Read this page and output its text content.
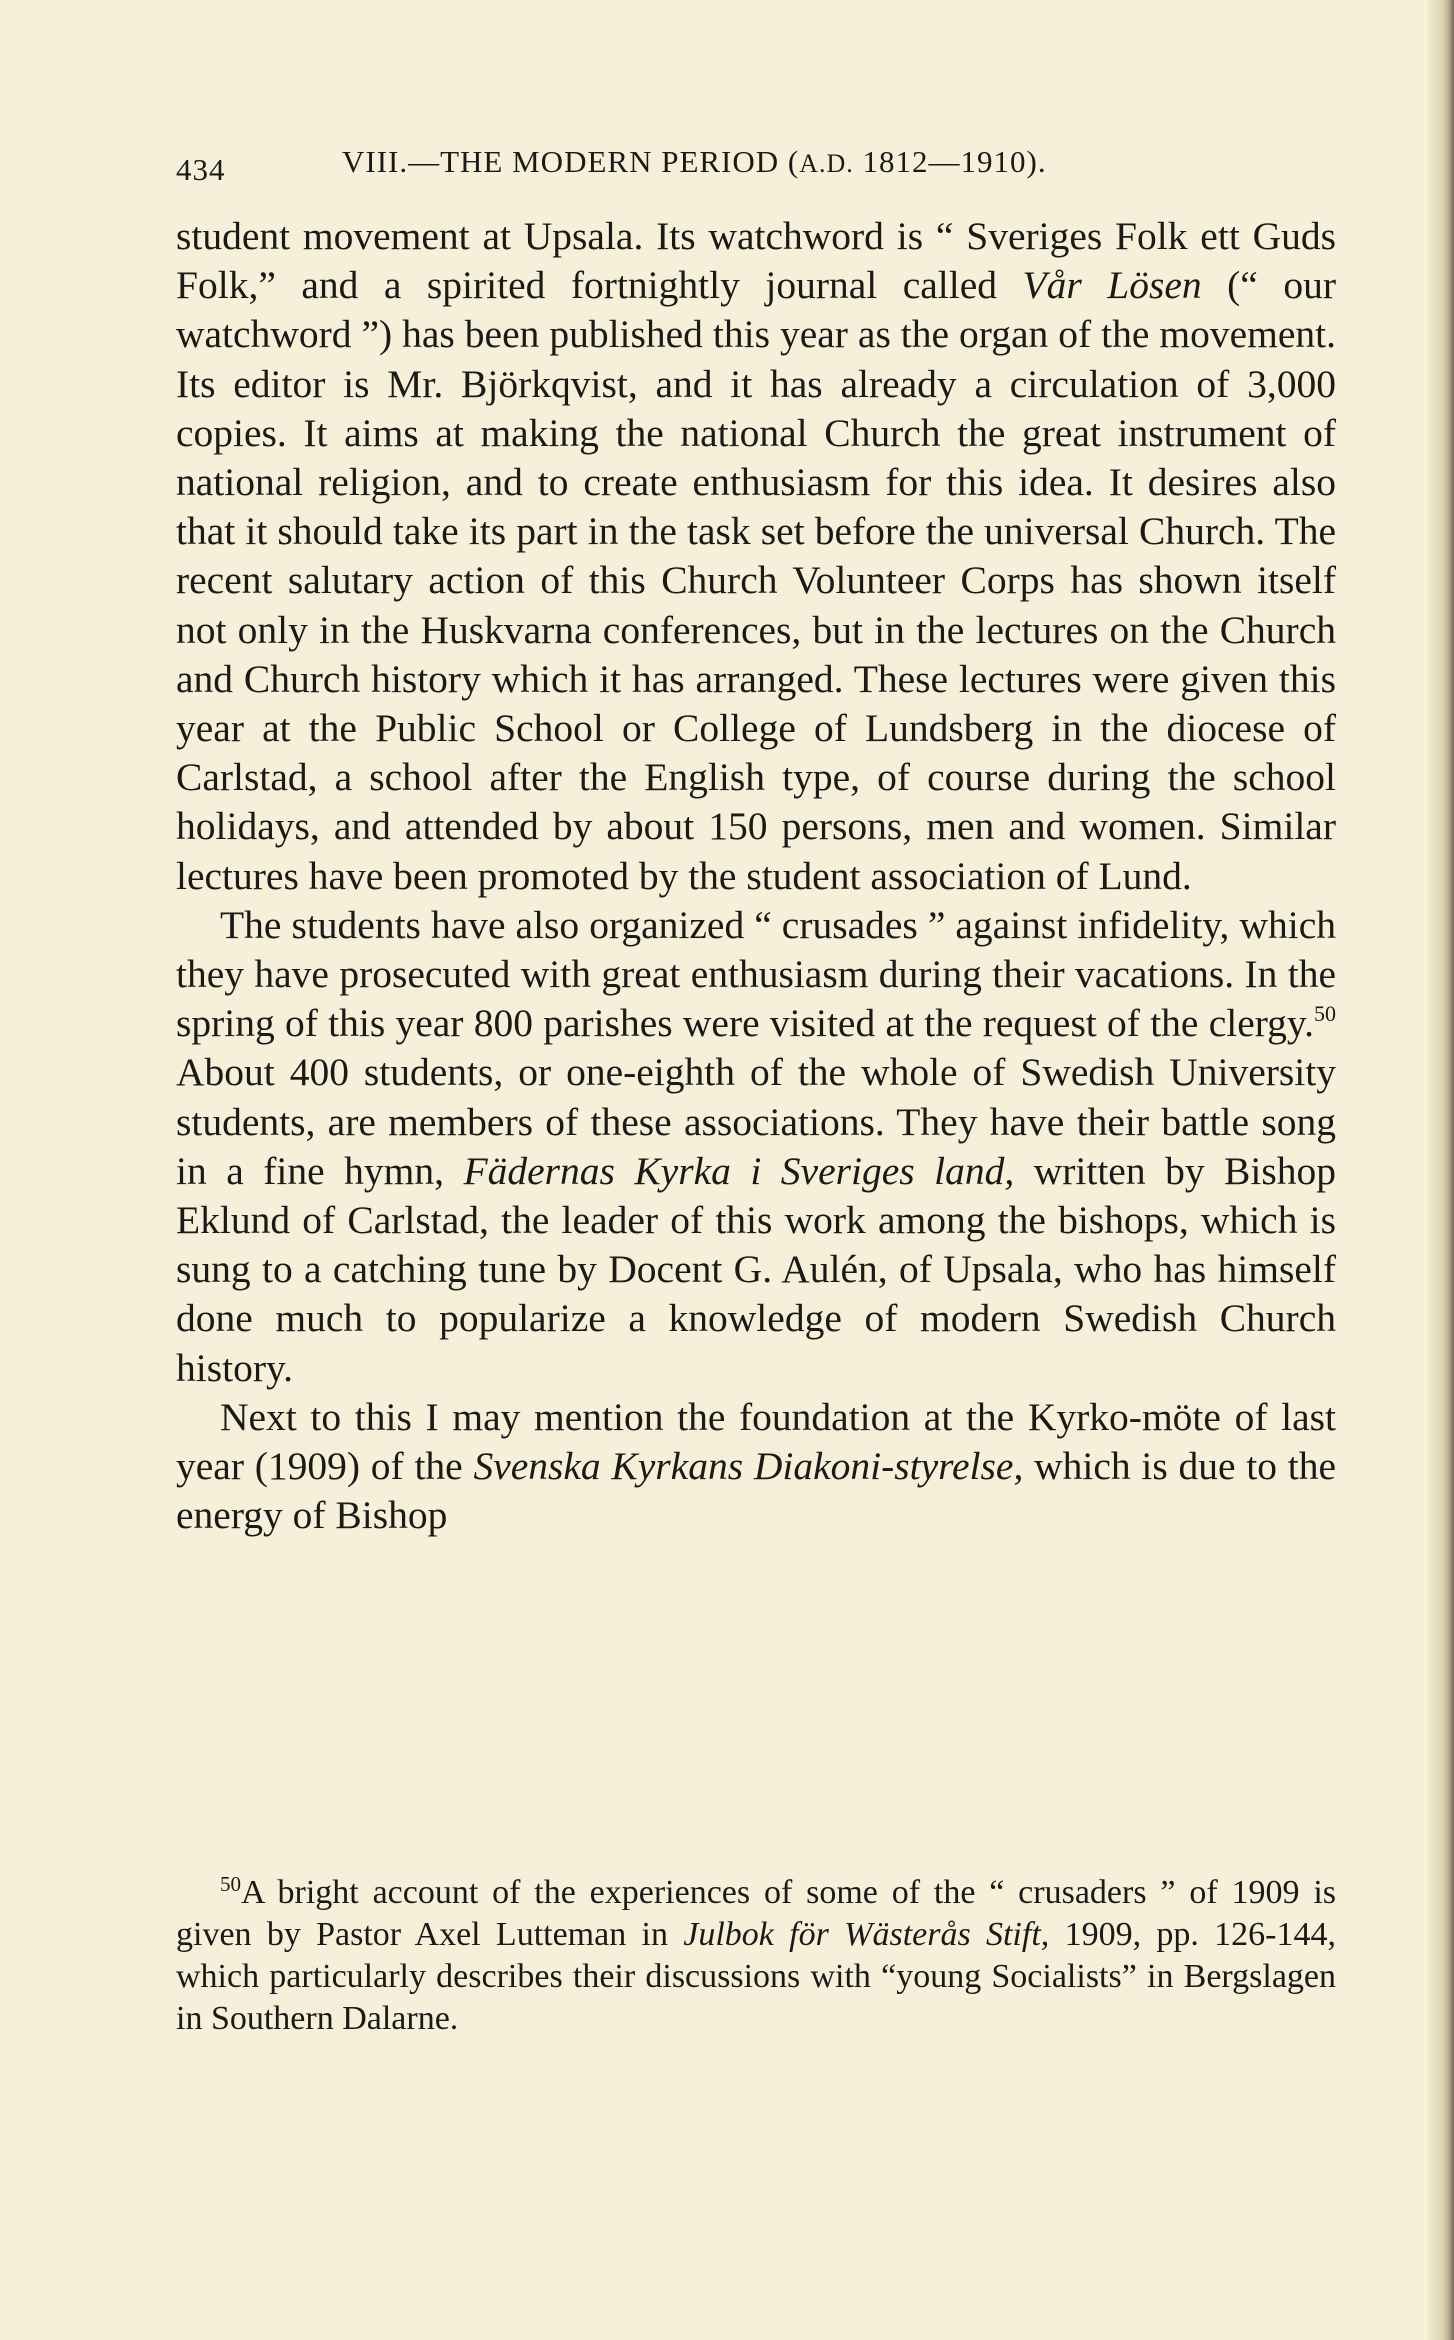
434	VIII.—THE MODERN PERIOD (A.D. 1812—1910).

student movement at Upsala. Its watchword is “ Sveriges Folk ett Guds Folk,” and a spirited fortnightly journal called Vår Lösen (“ our watchword ”) has been published this year as the organ of the movement. Its editor is Mr. Björkqvist, and it has already a circulation of 3,000 copies. It aims at making the national Church the great instrument of national religion, and to create enthusiasm for this idea. It desires also that it should take its part in the task set before the universal Church. The recent salutary action of this Church Volunteer Corps has shown itself not only in the Huskvarna conferences, but in the lectures on the Church and Church history which it has arranged. These lectures were given this year at the Public School or College of Lundsberg in the diocese of Carlstad, a school after the English type, of course during the school holidays, and attended by about 150 persons, men and women. Similar lectures have been promoted by the student association of Lund.

The students have also organized “ crusades ” against infidelity, which they have prosecuted with great enthusiasm during their vacations. In the spring of this year 800 parishes were visited at the request of the clergy.$^{50}$ About 400 students, or one-eighth of the whole of Swedish University students, are members of these associations. They have their battle song in a fine hymn, Fädernas Kyrka i Sveriges land, written by Bishop Eklund of Carlstad, the leader of this work among the bishops, which is sung to a catching tune by Docent G. Aulén, of Upsala, who has himself done much to popularize a knowledge of modern Swedish Church history.

Next to this I may mention the foundation at the Kyrko-möte of last year (1909) of the Svenska Kyrkans Diakoni-styrelse, which is due to the energy of Bishop

$^{50}$A bright account of the experiences of some of the “ crusaders ” of 1909 is given by Pastor Axel Lutteman in Julbok för Wästerås Stift, 1909, pp. 126-144, which particularly describes their discussions with “young Socialists” in Bergslagen in Southern Dalarne.
